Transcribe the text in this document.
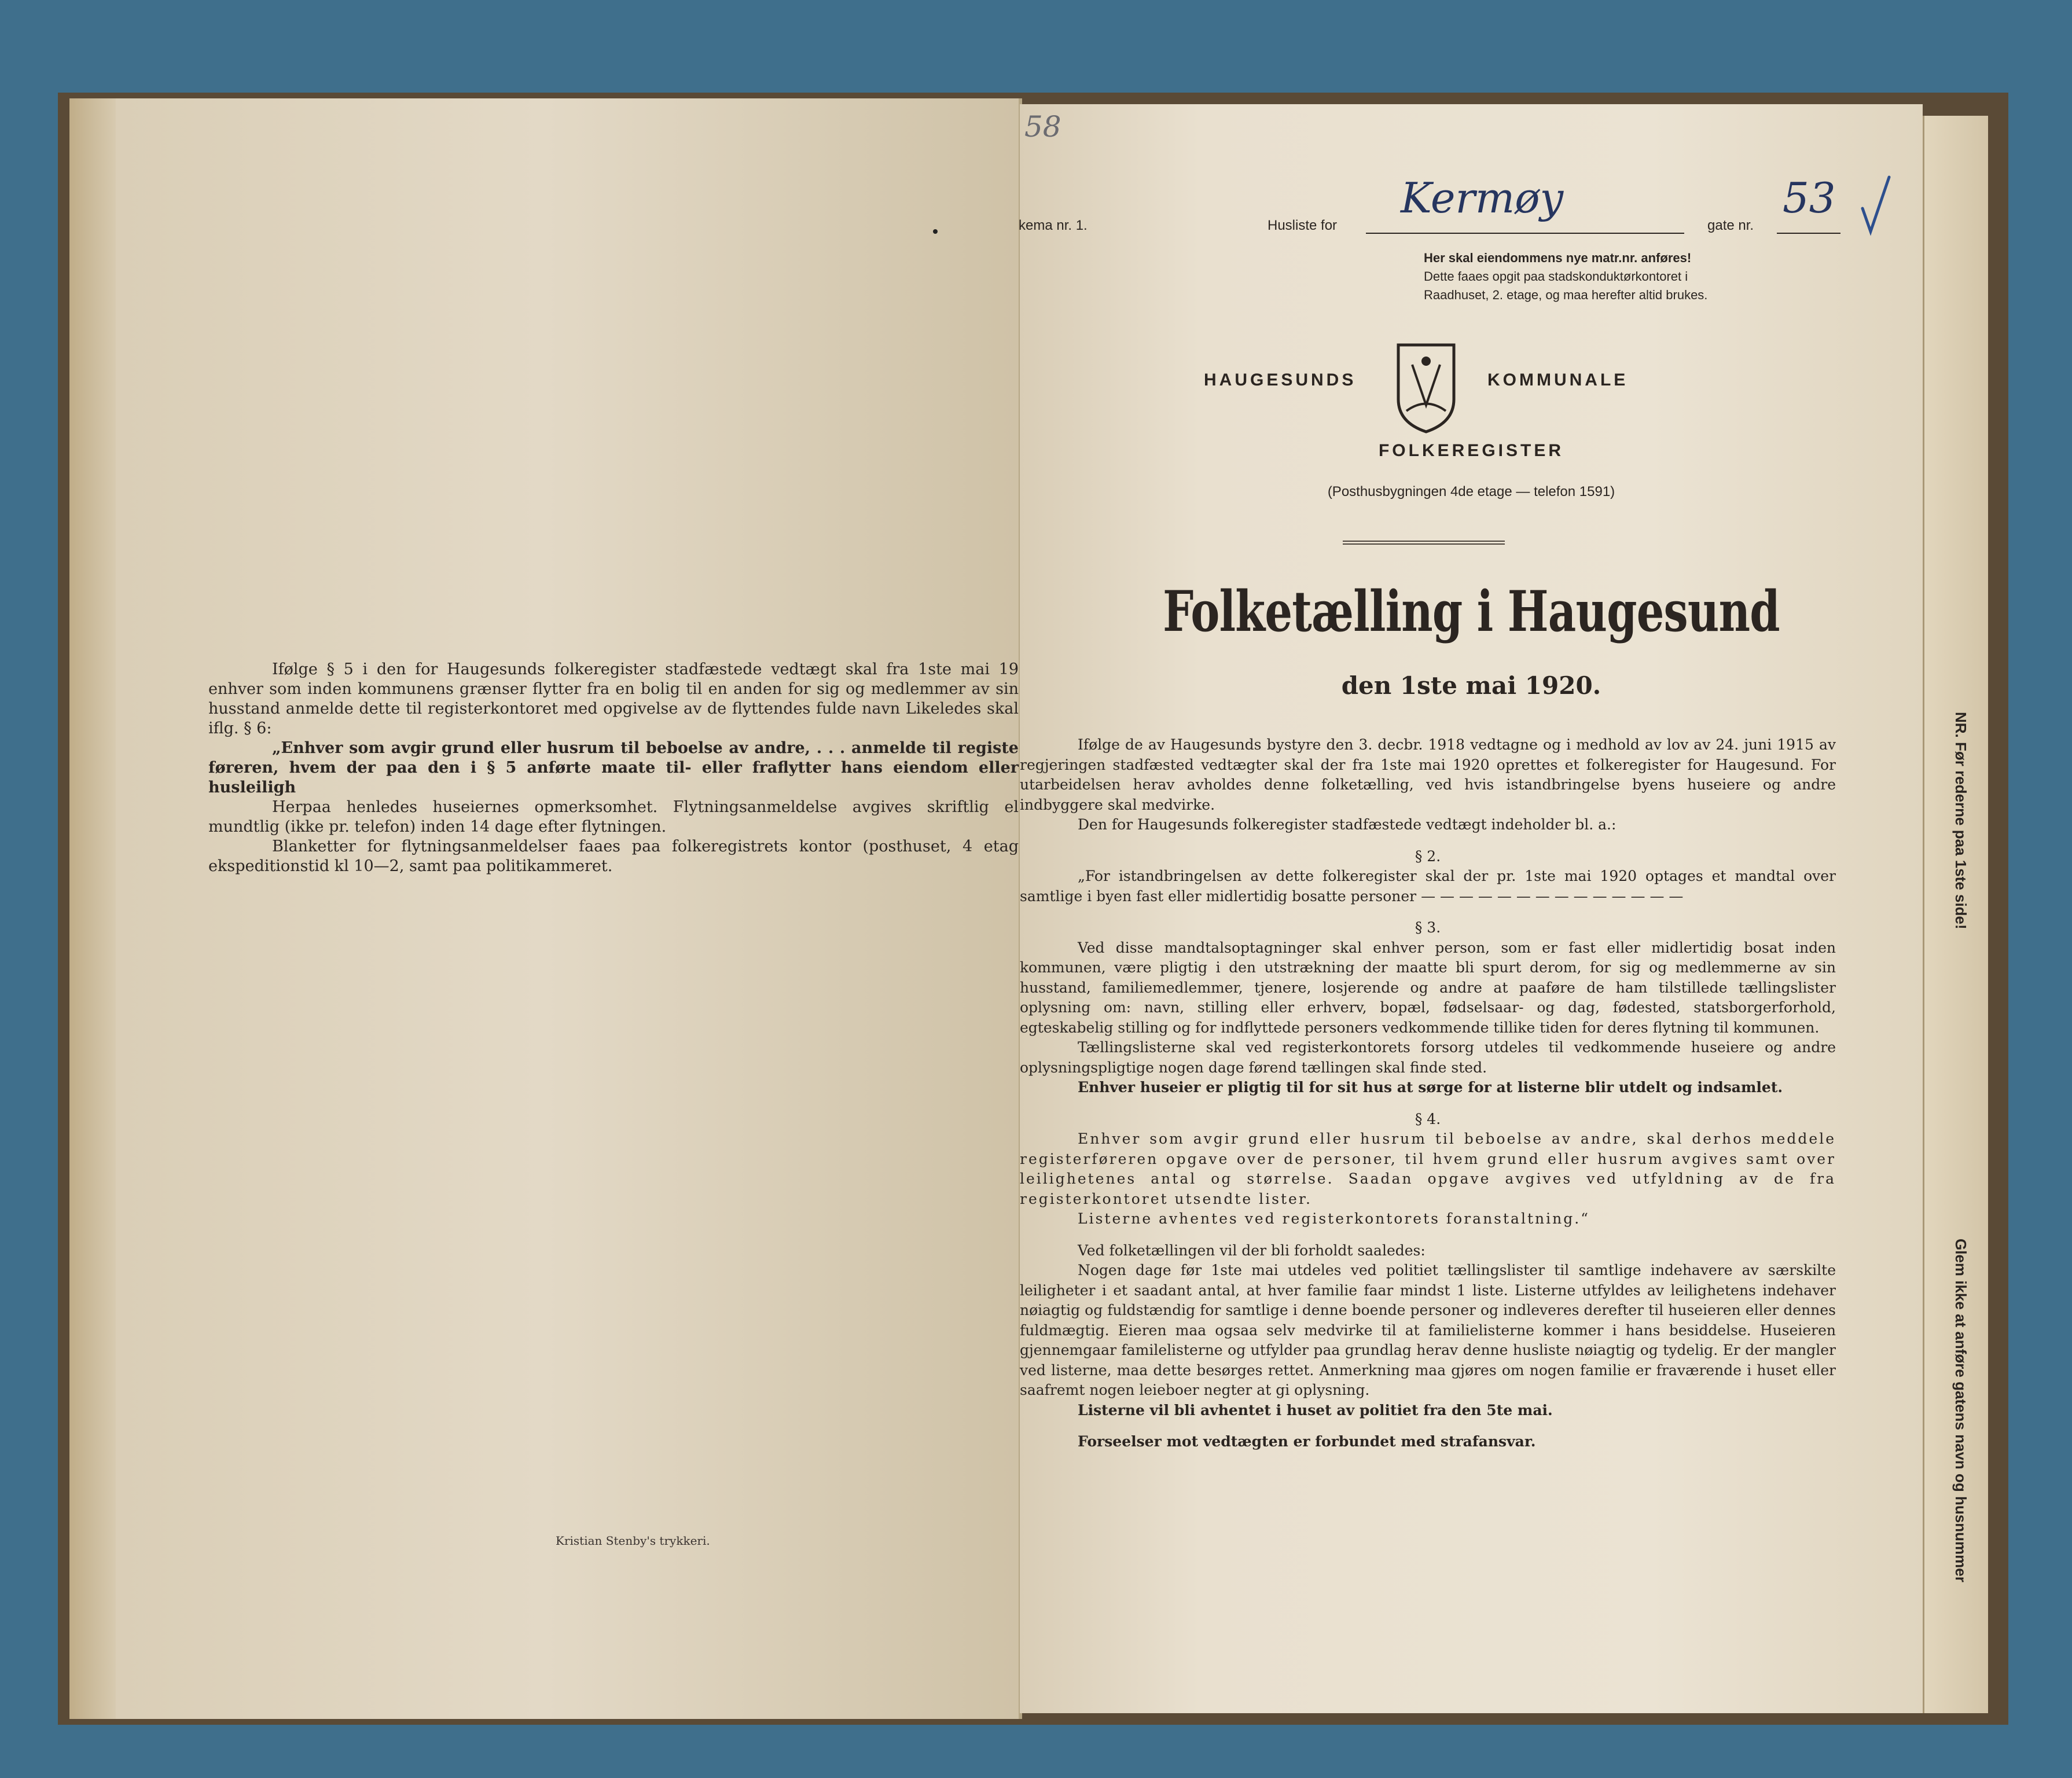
Ifølge § 5 i den for Haugesunds folkeregister stadfæstede vedtægt skal fra 1ste mai 19 enhver som inden kommunens grænser flytter fra en bolig til en anden for sig og medlemmer av sin husstand anmelde dette til registerkontoret med opgivelse av de flyttendes fulde navn Likeledes skal iflg. § 6:

„Enhver som avgir grund eller husrum til beboelse av andre, . . . anmelde til registe føreren, hvem der paa den i § 5 anførte maate til- eller fraflytter hans eiendom eller husleiligh

Herpaa henledes huseiernes opmerksomhet. Flytningsanmeldelse avgives skriftlig el mundtlig (ikke pr. telefon) inden 14 dage efter flytningen.

Blanketter for flytningsanmeldelser faaes paa folkeregistrets kontor (posthuset, 4 etag ekspeditionstid kl 10—2, samt paa politikammeret.

Kristian Stenby's trykkeri.
58
kema nr. 1.	Husliste for
Kermøy
gate nr.
53
Her skal eiendommens nye matr.nr. anføres!
Dette faaes opgit paa stadskonduktørkontoret i
Raadhuset, 2. etage, og maa herefter altid brukes.
HAUGESUNDS	KOMMUNALE
FOLKEREGISTER
(Posthusbygningen 4de etage — telefon 1591)
Folketælling i Haugesund
den 1ste mai 1920.

Ifølge de av Haugesunds bystyre den 3. decbr. 1918 vedtagne og i medhold av lov av 24. juni 1915 av regjeringen stadfæsted vedtægter skal der fra 1ste mai 1920 oprettes et folkeregister for Haugesund. For utarbeidelsen herav avholdes denne folketælling, ved hvis istandbringelse byens huseiere og andre indbyggere skal medvirke.

Den for Haugesunds folkeregister stadfæstede vedtægt indeholder bl. a.:

§ 2.

„For istandbringelsen av dette folkeregister skal der pr. 1ste mai 1920 optages et mandtal over samtlige i byen fast eller midlertidig bosatte personer — — — — — — — — — — — — — —

§ 3.

Ved disse mandtalsoptagninger skal enhver person, som er fast eller midlertidig bosat inden kommunen, være pligtig i den utstrækning der maatte bli spurt derom, for sig og medlemmerne av sin husstand, familiemedlemmer, tjenere, losjerende og andre at paaføre de ham tilstillede tællingslister oplysning om: navn, stilling eller erhverv, bopæl, fødselsaar- og dag, fødested, statsborgerforhold, egteskabelig stilling og for indflyttede personers vedkommende tillike tiden for deres flytning til kommunen.

Tællingslisterne skal ved registerkontorets forsorg utdeles til vedkommende huseiere og andre oplysningspligtige nogen dage førend tællingen skal finde sted.

Enhver huseier er pligtig til for sit hus at sørge for at listerne blir utdelt og indsamlet.

§ 4.

Enhver som avgir grund eller husrum til beboelse av andre, skal derhos meddele registerføreren opgave over de personer, til hvem grund eller husrum avgives samt over leilighetenes antal og størrelse. Saadan opgave avgives ved utfyldning av de fra registerkontoret utsendte lister.

Listerne avhentes ved registerkontorets foranstaltning.“

Ved folketællingen vil der bli forholdt saaledes:

Nogen dage før 1ste mai utdeles ved politiet tællingslister til samtlige indehavere av særskilte leiligheter i et saadant antal, at hver familie faar mindst 1 liste. Listerne utfyldes av leilighetens indehaver nøiagtig og fuldstændig for samtlige i denne boende personer og indleveres derefter til huseieren eller dennes fuldmægtig. Eieren maa ogsaa selv medvirke til at familielisterne kommer i hans besiddelse. Huseieren gjennemgaar familelisterne og utfylder paa grundlag herav denne husliste nøiagtig og tydelig. Er der mangler ved listerne, maa dette besørges rettet. Anmerkning maa gjøres om nogen familie er fraværende i huset eller saafremt nogen leieboer negter at gi oplysning.

Listerne vil bli avhentet i huset av politiet fra den 5te mai.

Forseelser mot vedtægten er forbundet med strafansvar.

NR. Før rederne paa 1ste side!
Glem ikke at anføre gatens navn og husnummer
